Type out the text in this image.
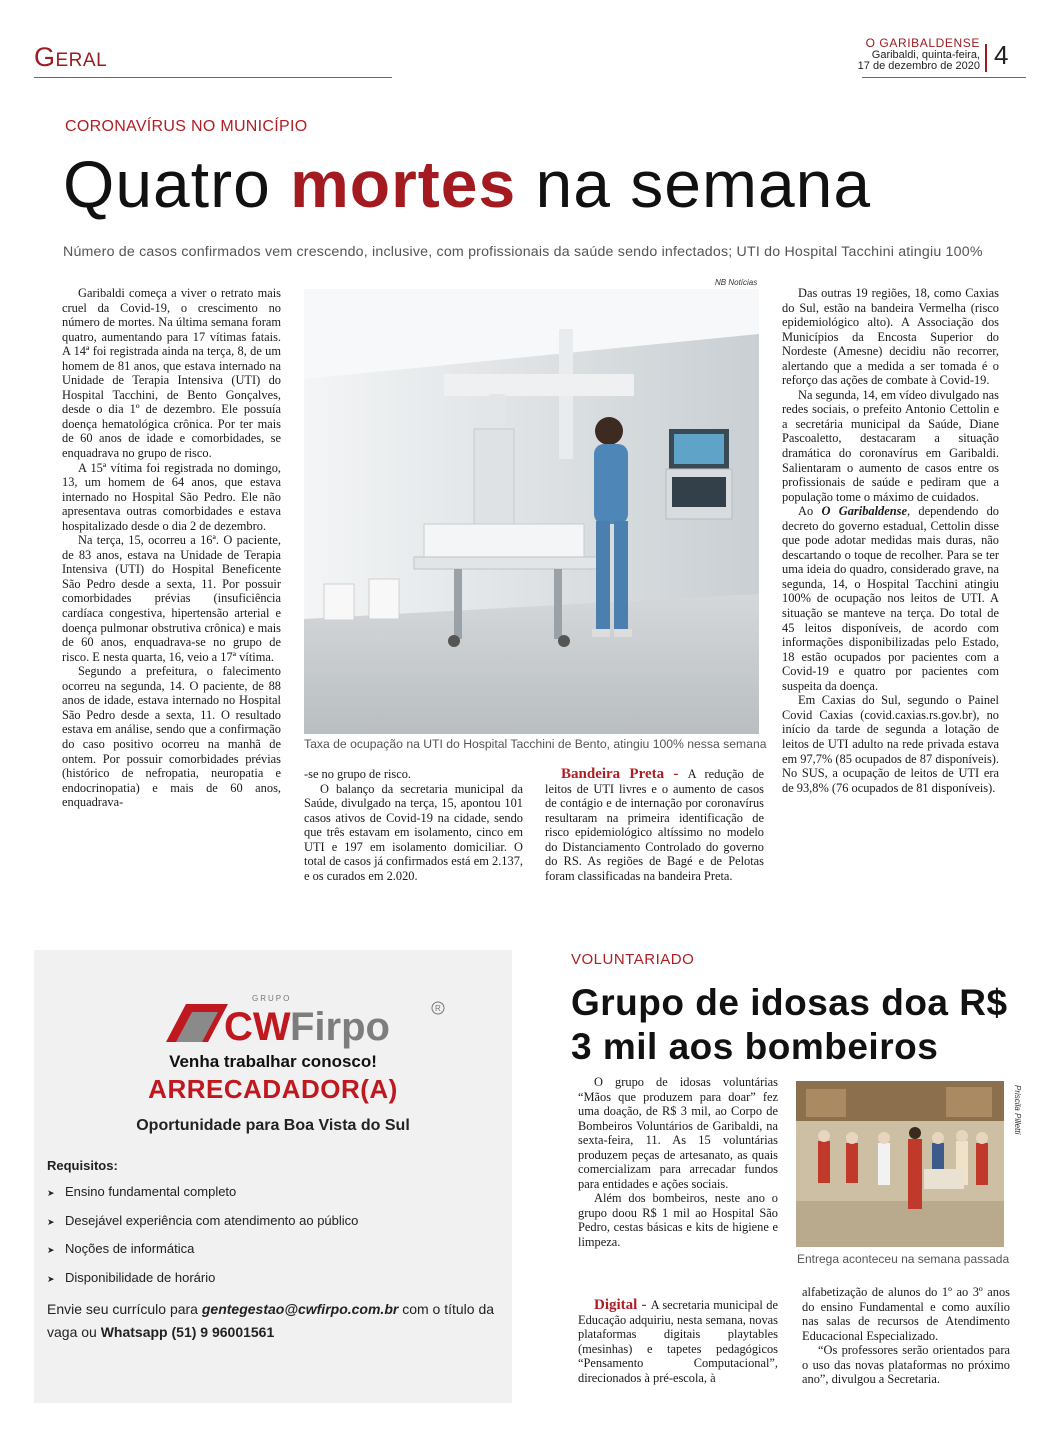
Geral	O GARIBALDENSE
Garibaldi, quinta-feira,
17 de dezembro de 2020 4
CORONAVÍRUS NO MUNICÍPIO
Quatro mortes na semana
Número de casos confirmados vem crescendo, inclusive, com profissionais da saúde sendo infectados; UTI do Hospital Tacchini atingiu 100%

Garibaldi começa a viver o retrato mais cruel da Covid-19, o crescimento no número de mortes. Na última semana foram quatro, aumentando para 17 vítimas fatais. A 14ª foi registrada ainda na terça, 8, de um homem de 81 anos, que estava internado na Unidade de Terapia Intensiva (UTI) do Hospital Tacchini, de Bento Gonçalves, desde o dia 1º de dezembro. Ele possuía doença hematológica crônica. Por ter mais de 60 anos de idade e comorbidades, se enquadrava no grupo de risco.

A 15ª vítima foi registrada no domingo, 13, um homem de 64 anos, que estava internado no Hospital São Pedro. Ele não apresentava outras comorbidades e estava hospitalizado desde o dia 2 de dezembro.

Na terça, 15, ocorreu a 16ª. O paciente, de 83 anos, estava na Unidade de Terapia Intensiva (UTI) do Hospital Beneficente São Pedro desde a sexta, 11. Por possuir comorbidades prévias (insuficiência cardíaca congestiva, hipertensão arterial e doença pulmonar obstrutiva crônica) e mais de 60 anos, enquadrava-se no grupo de risco. E nesta quarta, 16, veio a 17ª vítima.

Segundo a prefeitura, o falecimento ocorreu na segunda, 14. O paciente, de 88 anos de idade, estava internado no Hospital São Pedro desde a sexta, 11. O resultado estava em análise, sendo que a confirmação do caso positivo ocorreu na manhã de ontem. Por possuir comorbidades prévias (histórico de nefropatia, neuropatia e endocrinopatia) e mais de 60 anos, enquadrava-

NB Notícias
Taxa de ocupação na UTI do Hospital Tacchini de Bento, atingiu 100% nessa semana

-se no grupo de risco.

O balanço da secretaria municipal da Saúde, divulgado na terça, 15, apontou 101 casos ativos de Covid-19 na cidade, sendo que três estavam em isolamento, cinco em UTI e 197 em isolamento domiciliar. O total de casos já confirmados está em 2.137, e os curados em 2.020.

Bandeira Preta - A redução de leitos de UTI livres e o aumento de casos de contágio e de internação por coronavírus resultaram na primeira identificação de risco epidemiológico altíssimo no modelo do Distanciamento Controlado do governo do RS. As regiões de Bagé e de Pelotas foram classificadas na bandeira Preta.

Das outras 19 regiões, 18, como Caxias do Sul, estão na bandeira Vermelha (risco epidemiológico alto). A Associação dos Municípios da Encosta Superior do Nordeste (Amesne) decidiu não recorrer, alertando que a medida a ser tomada é o reforço das ações de combate à Covid-19.

Na segunda, 14, em vídeo divulgado nas redes sociais, o prefeito Antonio Cettolin e a secretária municipal da Saúde, Diane Pascoaletto, destacaram a situação dramática do coronavírus em Garibaldi. Salientaram o aumento de casos entre os profissionais de saúde e pediram que a população tome o máximo de cuidados.

Ao O Garibaldense, dependendo do decreto do governo estadual, Cettolin disse que pode adotar medidas mais duras, não descartando o toque de recolher. Para se ter uma ideia do quadro, considerado grave, na segunda, 14, o Hospital Tacchini atingiu 100% de ocupação nos leitos de UTI. A situação se manteve na terça. Do total de 45 leitos disponíveis, de acordo com informações disponibilizadas pelo Estado, 18 estão ocupados por pacientes com a Covid-19 e quatro por pacientes com suspeita da doença.

Em Caxias do Sul, segundo o Painel Covid Caxias (covid.caxias.rs.gov.br), no início da tarde de segunda a lotação de leitos de UTI adulto na rede privada estava em 97,7% (85 ocupados de 87 disponíveis). No SUS, a ocupação de leitos de UTI era de 93,8% (76 ocupados de 81 disponíveis).

GRUPO
CW Firpo	R
Venha trabalhar conosco!
ARRECADADOR(A)
Oportunidade para Boa Vista do Sul
Requisitos:
➤ Ensino fundamental completo
➤ Desejável experiência com atendimento ao público
➤ Noções de informática
➤ Disponibilidade de horário
Envie seu currículo para gentegestao@cwfirpo.com.br com o título da vaga ou Whatsapp (51) 9 96001561
VOLUNTARIADO
Grupo de idosas doa R$ 3 mil aos bombeiros

O grupo de idosas voluntárias “Mãos que produzem para doar” fez uma doação, de R$ 3 mil, ao Corpo de Bombeiros Voluntários de Garibaldi, na sexta-feira, 11. As 15 voluntárias produzem peças de artesanato, as quais comercializam para arrecadar fundos para entidades e ações sociais.

Além dos bombeiros, neste ano o grupo doou R$ 1 mil ao Hospital São Pedro, cestas básicas e kits de higiene e limpeza.

Digital - A secretaria municipal de Educação adquiriu, nesta semana, novas plataformas digitais playtables (mesinhas) e tapetes pedagógicos “Pensamento Computacional”, direcionados à pré-escola, à

Priscila Pilletti
Entrega aconteceu na semana passada

alfabetização de alunos do 1º ao 3º anos do ensino Fundamental e como auxílio nas salas de recursos de Atendimento Educacional Especializado.

“Os professores serão orientados para o uso das novas plataformas no próximo ano”, divulgou a Secretaria.
